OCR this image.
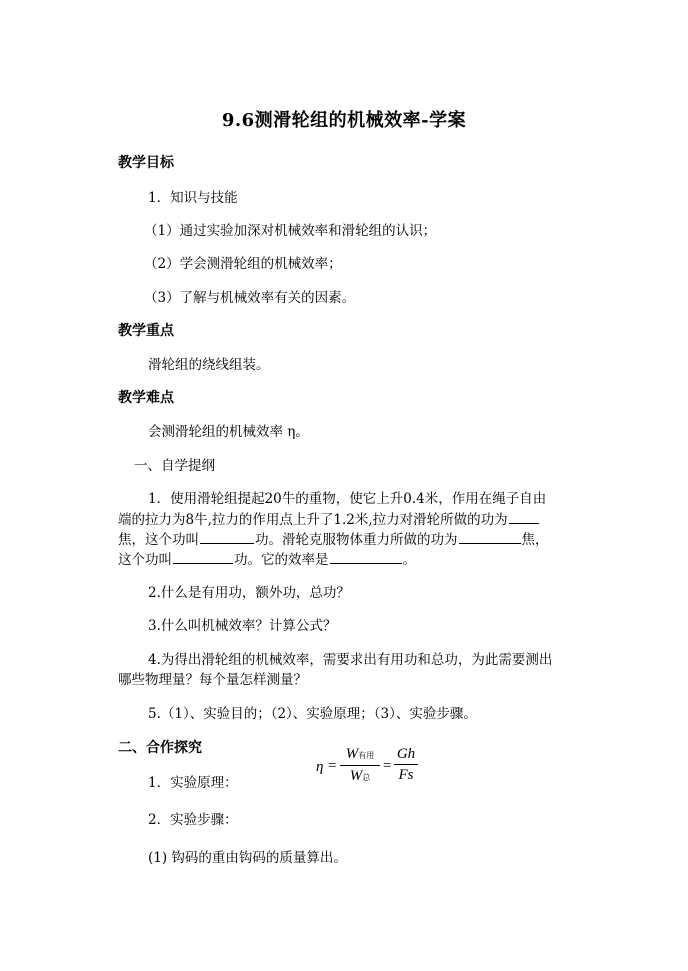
9.6测滑轮组的机械效率-学案
教学目标
1．知识与技能
（1）通过实验加深对机械效率和滑轮组的认识；
（2）学会测滑轮组的机械效率；
（3）了解与机械效率有关的因素。
教学重点
滑轮组的绕线组装。
教学难点
会测滑轮组的机械效率 η。
一、自学提纲
1．使用滑轮组提起20牛的重物，使它上升0.4米，作用在绳子自由
端的拉力为8牛,拉力的作用点上升了1.2米,拉力对滑轮所做的功为
焦，这个功叫	功。滑轮克服物体重力所做的功为	焦，
这个功叫	功。它的效率是	。
2.什么是有用功，额外功，总功？
3.什么叫机械效率？计算公式？
4.为得出滑轮组的机械效率，需要求出有用功和总功，为此需要测出
哪些物理量？每个量怎样测量？
5.（1）、实验目的；（2）、实验原理；（3）、实验步骤。
二、合作探究
1．实验原理：
η =
W有用
W总
= $\frac{Gh}{Fs}$
2．实验步骤：
(1) 钩码的重由钩码的质量算出。
